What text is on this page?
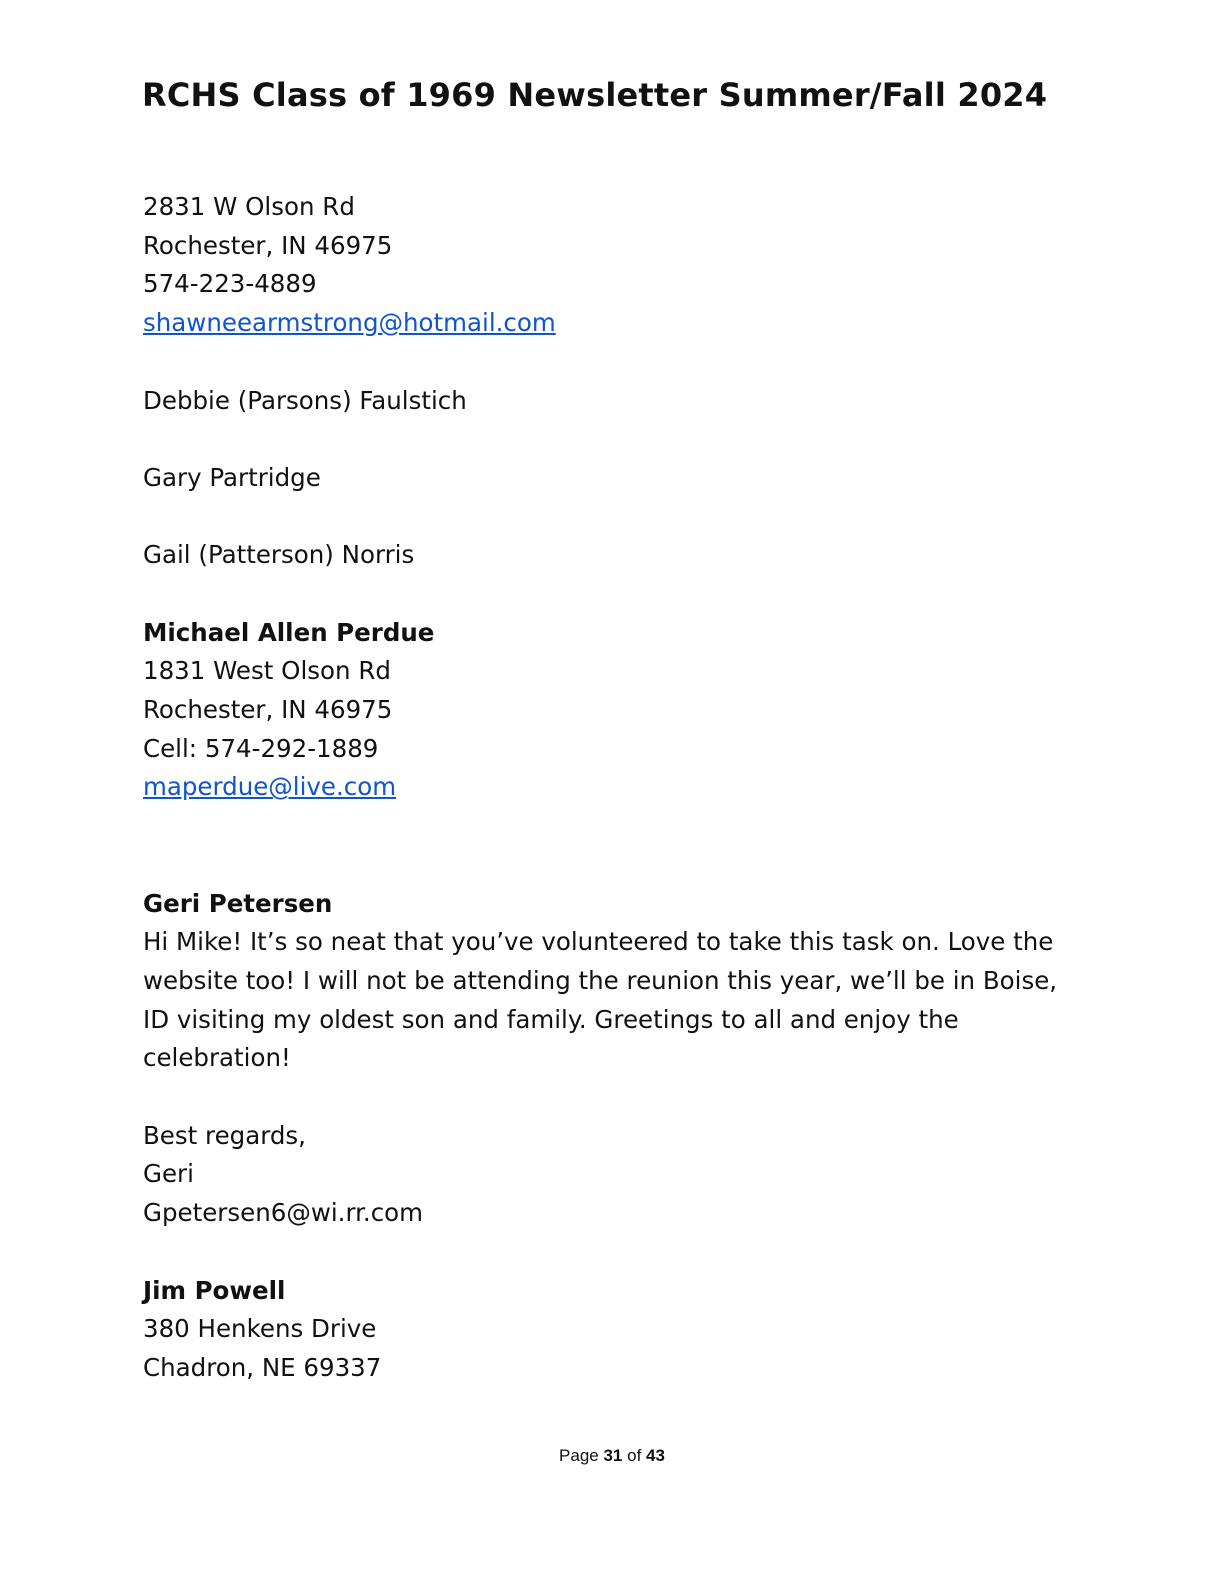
RCHS Class of 1969 Newsletter Summer/Fall 2024
2831 W Olson Rd
Rochester, IN 46975
574-223-4889
shawneearmstrong@hotmail.com
Debbie (Parsons) Faulstich
Gary Partridge
Gail (Patterson) Norris
Michael Allen Perdue
1831 West Olson Rd
Rochester, IN 46975
Cell: 574-292-1889
maperdue@live.com
Geri Petersen
Hi Mike! It’s so neat that you’ve volunteered to take this task on. Love the website too! I will not be attending the reunion this year, we’ll be in Boise, ID visiting my oldest son and family. Greetings to all and enjoy the celebration!
Best regards,
Geri
Gpetersen6@wi.rr.com
Jim Powell
380 Henkens Drive
Chadron, NE 69337
Page 31 of 43
